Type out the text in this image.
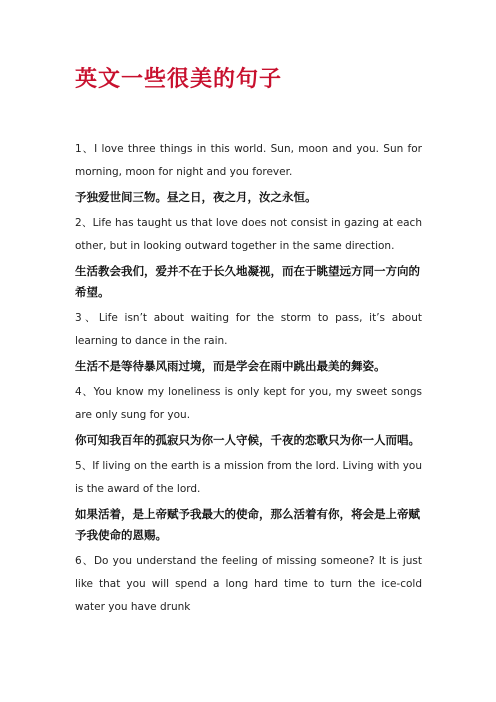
英文一些很美的句子

1、I love three things in this world. Sun, moon and you. Sun for morning, moon for night and you forever.

予独爱世间三物。昼之日，夜之月，汝之永恒。

2、Life has taught us that love does not consist in gazing at each other, but in looking outward together in the same direction.

生活教会我们，爱并不在于长久地凝视，而在于眺望远方同一方向的希望。

3、Life isn’t about waiting for the storm to pass, it’s about learning to dance in the rain.

生活不是等待暴风雨过境，而是学会在雨中跳出最美的舞姿。

4、You know my loneliness is only kept for you, my sweet songs are only sung for you.

你可知我百年的孤寂只为你一人守候，千夜的恋歌只为你一人而唱。

5、If living on the earth is a mission from the lord. Living with you is the award of the lord.

如果活着，是上帝赋予我最大的使命，那么活着有你，将会是上帝赋予我使命的恩赐。

6、Do you understand the feeling of missing someone? It is just like that you will spend a long hard time to turn the ice-cold water you have drunk
